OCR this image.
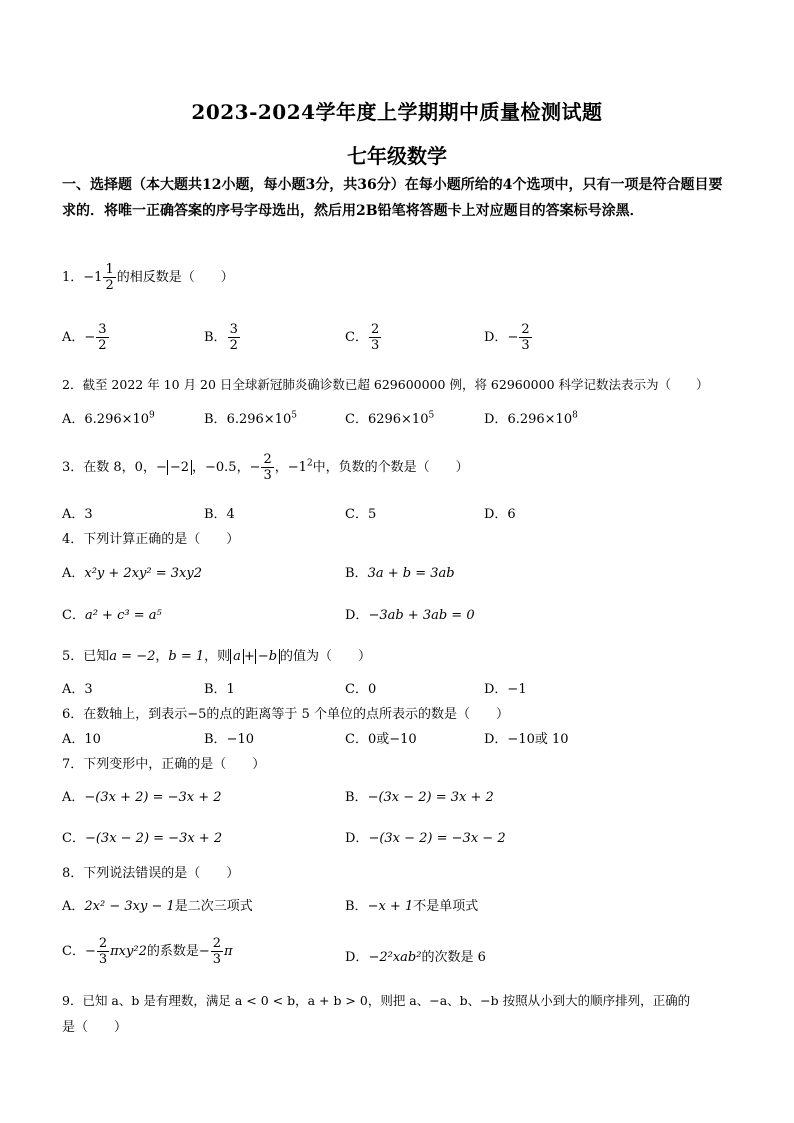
2023-2024学年度上学期期中质量检测试题
七年级数学
一、选择题（本大题共12小题，每小题3分，共36分）在每小题所给的4个选项中，只有一项是符合题目要求的．将唯一正确答案的序号字母选出，然后用2B铅笔将答题卡上对应题目的答案标号涂黑．
1．$-1 \frac{1}{2}$ 的相反数是（　　）
A．− $\frac{3}{2}$	B． $\frac{3}{2}$	C． $\frac{2}{3}$	D．− $\frac{2}{3}$
2．截至 2022 年 10 月 20 日全球新冠肺炎确诊数已超 629600000 例，将 62960000 科学记数法表示为（　　）
A．$6.296\times 10^9$	B．$6.296\times 10^5$	C．$6296\times 10^5$	D．$6.296\times 10^8$
3．在数 8，0，− −2 ，−0.5，− $\frac{2}{3}$ ，$-1^2$中，负数的个数是（　　）
A．3	B．4	C．5	D．6
4．下列计算正确的是（　　）
A．x²y + 2xy² = 3xy2	B．3a + b = 3ab
C．a² + c³ = a⁵	D．−3ab + 3ab = 0
5．已知a = −2，b = 1，则 a + −b 的值为（　　）
A．3	B．1	C．0	D．−1
6．在数轴上，到表示−5的点的距离等于 5 个单位的点所表示的数是（　　）
A．10	B．−10	C．0或−10	D．−10或 10
7．下列变形中，正确的是（　　）
A．−(3x + 2) = −3x + 2	B．−(3x − 2) = 3x + 2
C．−(3x − 2) = −3x + 2	D．−(3x − 2) = −3x − 2
8．下列说法错误的是（　　）
A．2x² − 3xy − 1是二次三项式	B．−x + 1不是单项式
C．− $\frac{2}{3} \pi xy^22$的系数是− $\frac{2}{3}$ π	D．−2²xab²的次数是 6
9．已知 a、b 是有理数，满足 a < 0 < b，a + b > 0，则把 a、−a、b、−b 按照从小到大的顺序排列，正确的
是（　　）
